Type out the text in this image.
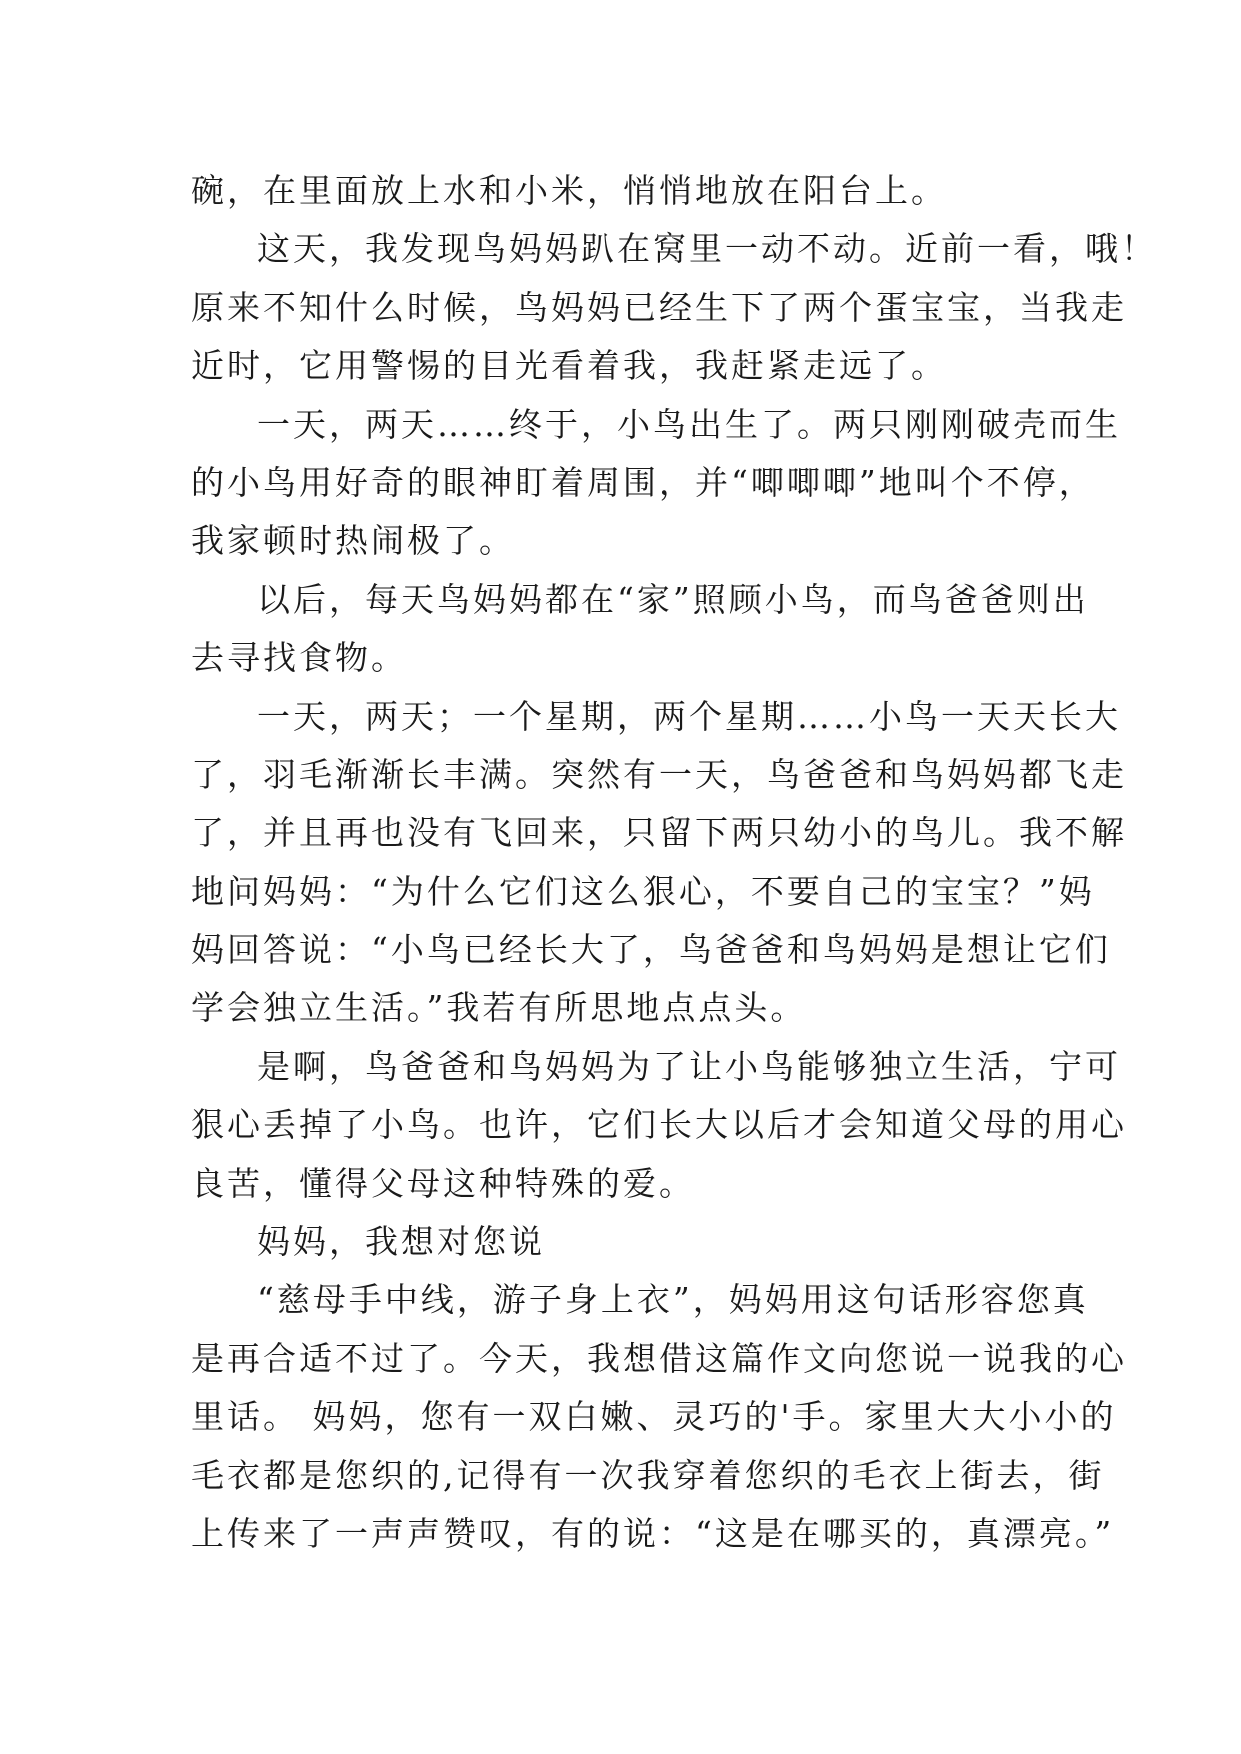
碗，在里面放上水和小米，悄悄地放在阳台上。
这天，我发现鸟妈妈趴在窝里一动不动。近前一看，哦！
原来不知什么时候，鸟妈妈已经生下了两个蛋宝宝，当我走
近时，它用警惕的目光看着我，我赶紧走远了。
一天，两天……终于，小鸟出生了。两只刚刚破壳而生
的小鸟用好奇的眼神盯着周围，并“唧唧唧”地叫个不停，
我家顿时热闹极了。
以后，每天鸟妈妈都在“家”照顾小鸟，而鸟爸爸则出
去寻找食物。
一天，两天；一个星期，两个星期……小鸟一天天长大
了，羽毛渐渐长丰满。突然有一天，鸟爸爸和鸟妈妈都飞走
了，并且再也没有飞回来，只留下两只幼小的鸟儿。我不解
地问妈妈：“为什么它们这么狠心，不要自己的宝宝？”妈
妈回答说：“小鸟已经长大了，鸟爸爸和鸟妈妈是想让它们
学会独立生活。”我若有所思地点点头。
是啊，鸟爸爸和鸟妈妈为了让小鸟能够独立生活，宁可
狠心丢掉了小鸟。也许，它们长大以后才会知道父母的用心
良苦，懂得父母这种特殊的爱。
妈妈，我想对您说
“慈母手中线，游子身上衣”，妈妈用这句话形容您真
是再合适不过了。今天，我想借这篇作文向您说一说我的心
里话。 妈妈，您有一双白嫩、灵巧的'手。家里大大小小的
毛衣都是您织的,记得有一次我穿着您织的毛衣上街去，街
上传来了一声声赞叹，有的说：“这是在哪买的，真漂亮。”
